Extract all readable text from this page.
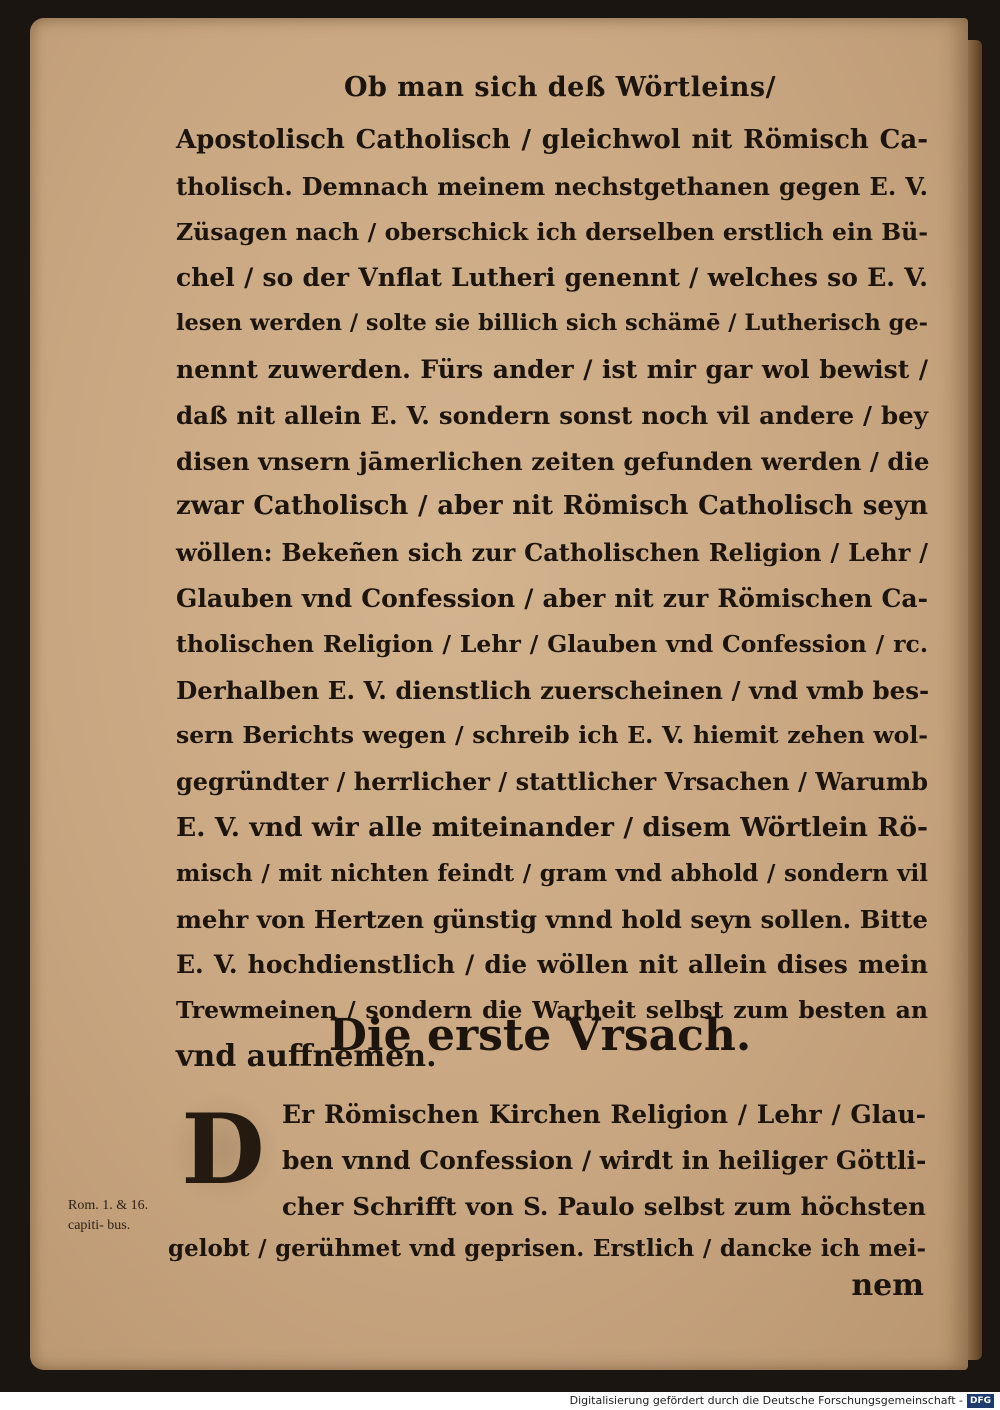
Ob man sich deß Wörtleins/
Apostolisch Catholisch / gleichwol nit Römisch Ca-
tholisch. Demnach meinem nechstgethanen gegen E. V.
Züsagen nach / oberschick ich derselben erstlich ein Bü-
chel / so der Vnflat Lutheri genennt / welches so E. V.
lesen werden / solte sie billich sich schämē / Lutherisch ge-
nennt zuwerden. Fürs ander / ist mir gar wol bewist /
daß nit allein E. V. sondern sonst noch vil andere / bey
disen vnsern jāmerlichen zeiten gefunden werden / die
zwar Catholisch / aber nit Römisch Catholisch seyn
wöllen: Bekeñen sich zur Catholischen Religion / Lehr /
Glauben vnd Confession / aber nit zur Römischen Ca-
tholischen Religion / Lehr / Glauben vnd Confession / rc.
Derhalben E. V. dienstlich zuerscheinen / vnd vmb bes-
sern Berichts wegen / schreib ich E. V. hiemit zehen wol-
gegründter / herrlicher / stattlicher Vrsachen / Warumb
E. V. vnd wir alle miteinander / disem Wörtlein Rö-
misch / mit nichten feindt / gram vnd abhold / sondern vil
mehr von Hertzen günstig vnnd hold seyn sollen. Bitte
E. V. hochdienstlich / die wöllen nit allein dises mein
Trewmeinen / sondern die Warheit selbst zum besten an
vnd auffnemen.
Die erste Vrsach.
D Er Römischen Kirchen Religion / Lehr / Glau-
ben vnnd Confession / wirdt in heiliger Göttli-
cher Schrifft von S. Paulo selbst zum höchsten
gelobt / gerühmet vnd geprisen. Erstlich / dancke ich mei-
nem
Rom. 1. & 16. capiti- bus.
Digitalisierung gefördert durch die Deutsche Forschungsgemeinschaft - DFG
